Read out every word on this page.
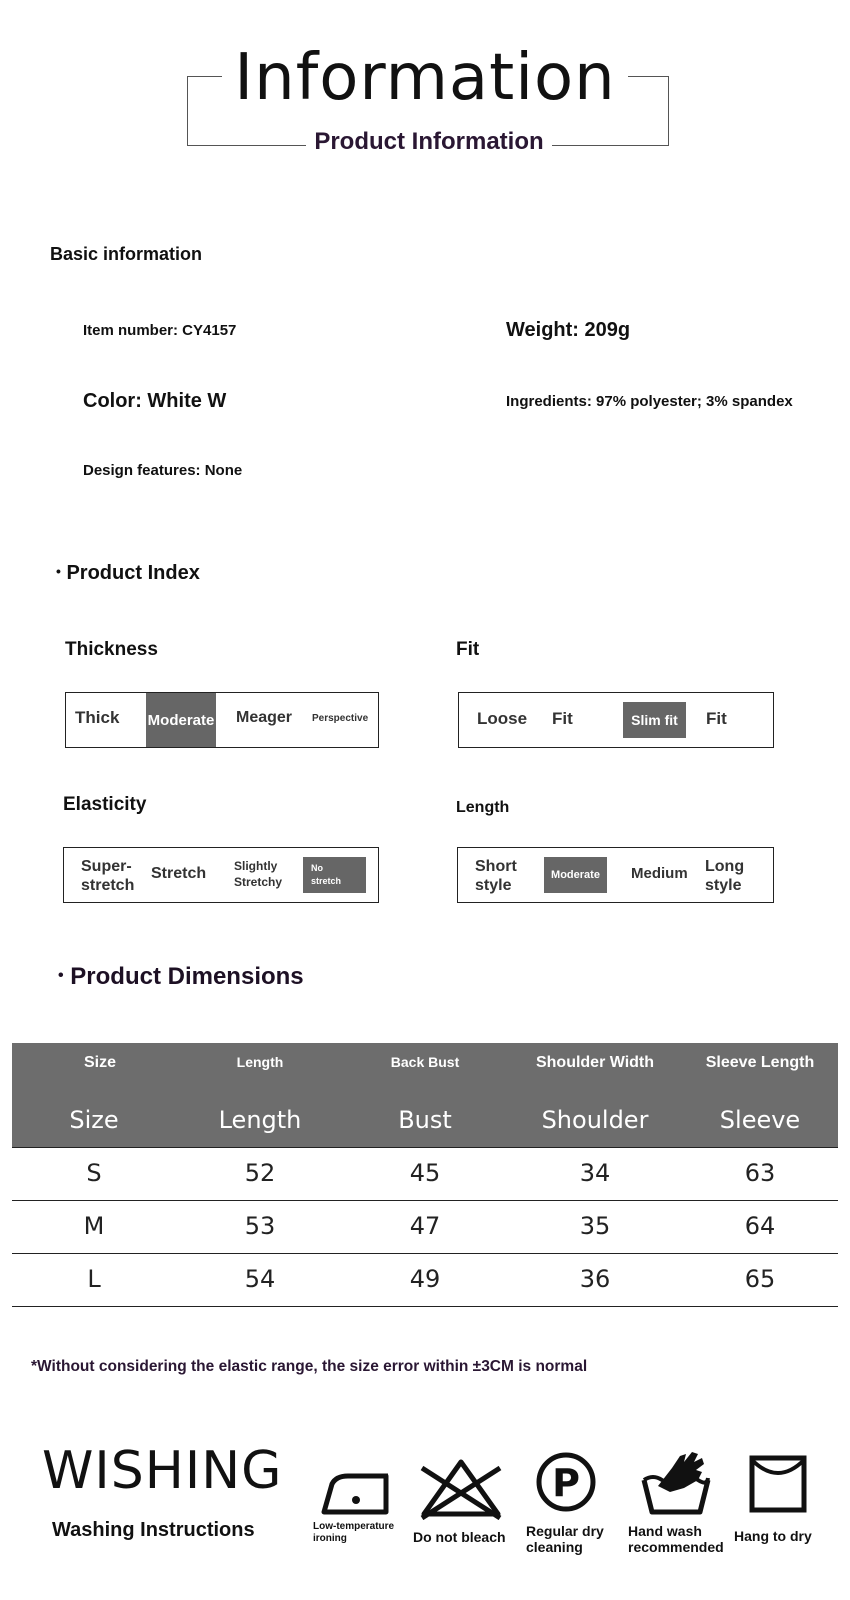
Information
Product Information
Basic information
Item number: CY4157	Weight: 209g
Color: White W	Ingredients: 97% polyester; 3% spandex
Design features: None
• Product Index
Thickness
Thick Moderate Meager Perspective
Fit
Loose Fit	Slim fit	Fit
Elasticity
Super-
stretch
Stretch Slightly
Stretchy
No
stretch
Length
Short
style
Moderate	Medium Long
style
• Product Dimensions
Size	Length	Back Bust	Shoulder Width	Sleeve Length
Size	Length	Bust	Shoulder	Sleeve
S	52	45	34	63
M	53	47	35	64
L	54	49	36	65
*Without considering the elastic range, the size error within ±3CM is normal
WISHING
Washing Instructions	Low-temperature
ironing	Do not bleach
P
Regular dry
cleaning
Hand wash
recommended
Hang to dry
